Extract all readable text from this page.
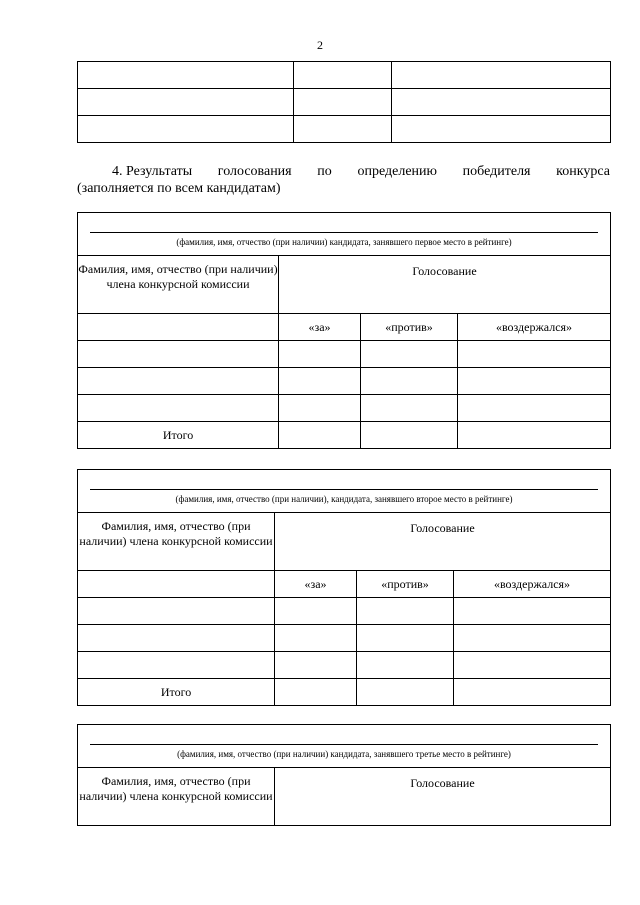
2

4. Результаты голосования по определению победителя конкурса
(заполняется по всем кандидатам)
(фамилия, имя, отчество (при наличии) кандидата, занявшего первое место в рейтинге)			

Фамилия, имя, отчество (при наличии) члена конкурсной комиссии	Голосование		
	«за»	«против»	«воздержался»

Итого			
(фамилия, имя, отчество (при наличии), кандидата, занявшего второе место в рейтинге)			

Фамилия, имя, отчество (при наличии) члена конкурсной комиссии	Голосование		
	«за»	«против»	«воздержался»

Итого			
(фамилия, имя, отчество (при наличии) кандидата, занявшего третье место в рейтинге)

Фамилия, имя, отчество (при наличии) члена конкурсной комиссии	Голосование
